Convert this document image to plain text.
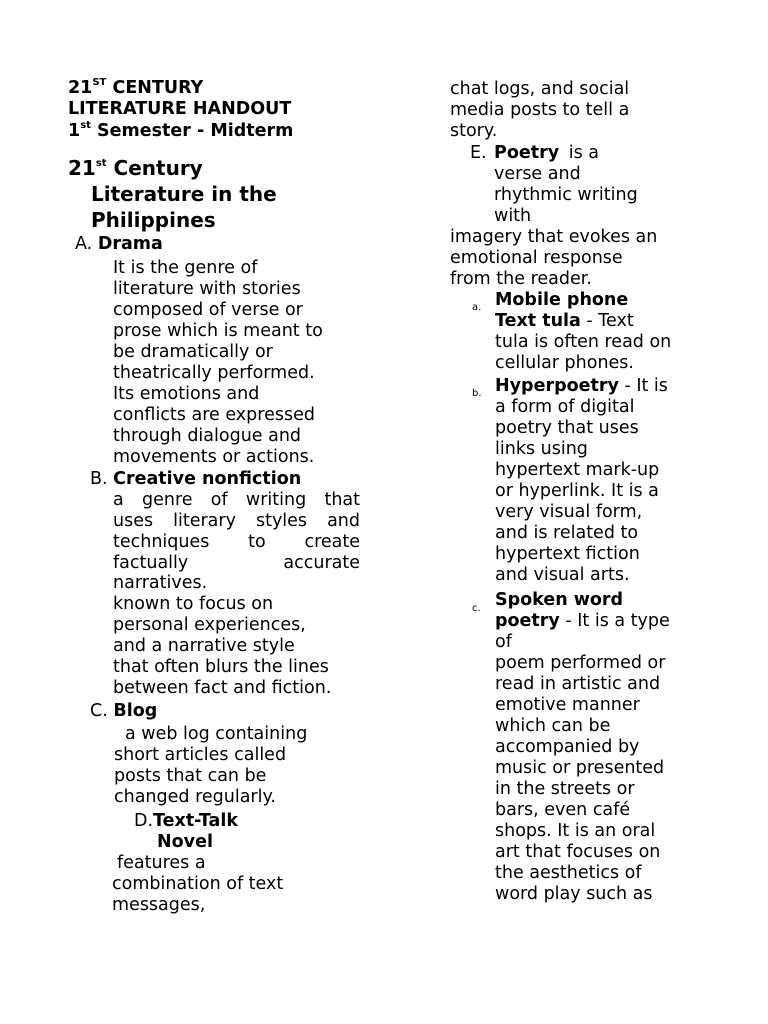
21ST CENTURY
LITERATURE HANDOUT
1st Semester - Midterm
21st Century
Literature in the
Philippines
A. Drama
It is the genre of
literature with stories
composed of verse or
prose which is meant to
be dramatically or
theatrically performed.
Its emotions and
conflicts are expressed
through dialogue and
movements or actions.
B. Creative nonfiction
a genre of writing that
uses literary styles and
techniques to create
factually accurate
narratives.
known to focus on
personal experiences,
and a narrative style
that often blurs the lines
between fact and fiction.
C. Blog
a web log containing
short articles called
posts that can be
changed regularly.
D.Text-Talk
Novel
features a
combination of text
messages,
chat logs, and social
media posts to tell a
story.
E. Poetry is a
verse and
rhythmic writing
with
imagery that evokes an
emotional response
from the reader.
a. Mobile phone
Text tula - Text
tula is often read on
cellular phones.
b. Hyperpoetry - It is
a form of digital
poetry that uses
links using
hypertext mark-up
or hyperlink. It is a
very visual form,
and is related to
hypertext fiction
and visual arts.
c. Spoken word
poetry - It is a type
of
poem performed or
read in artistic and
emotive manner
which can be
accompanied by
music or presented
in the streets or
bars, even café
shops. It is an oral
art that focuses on
the aesthetics of
word play such as
